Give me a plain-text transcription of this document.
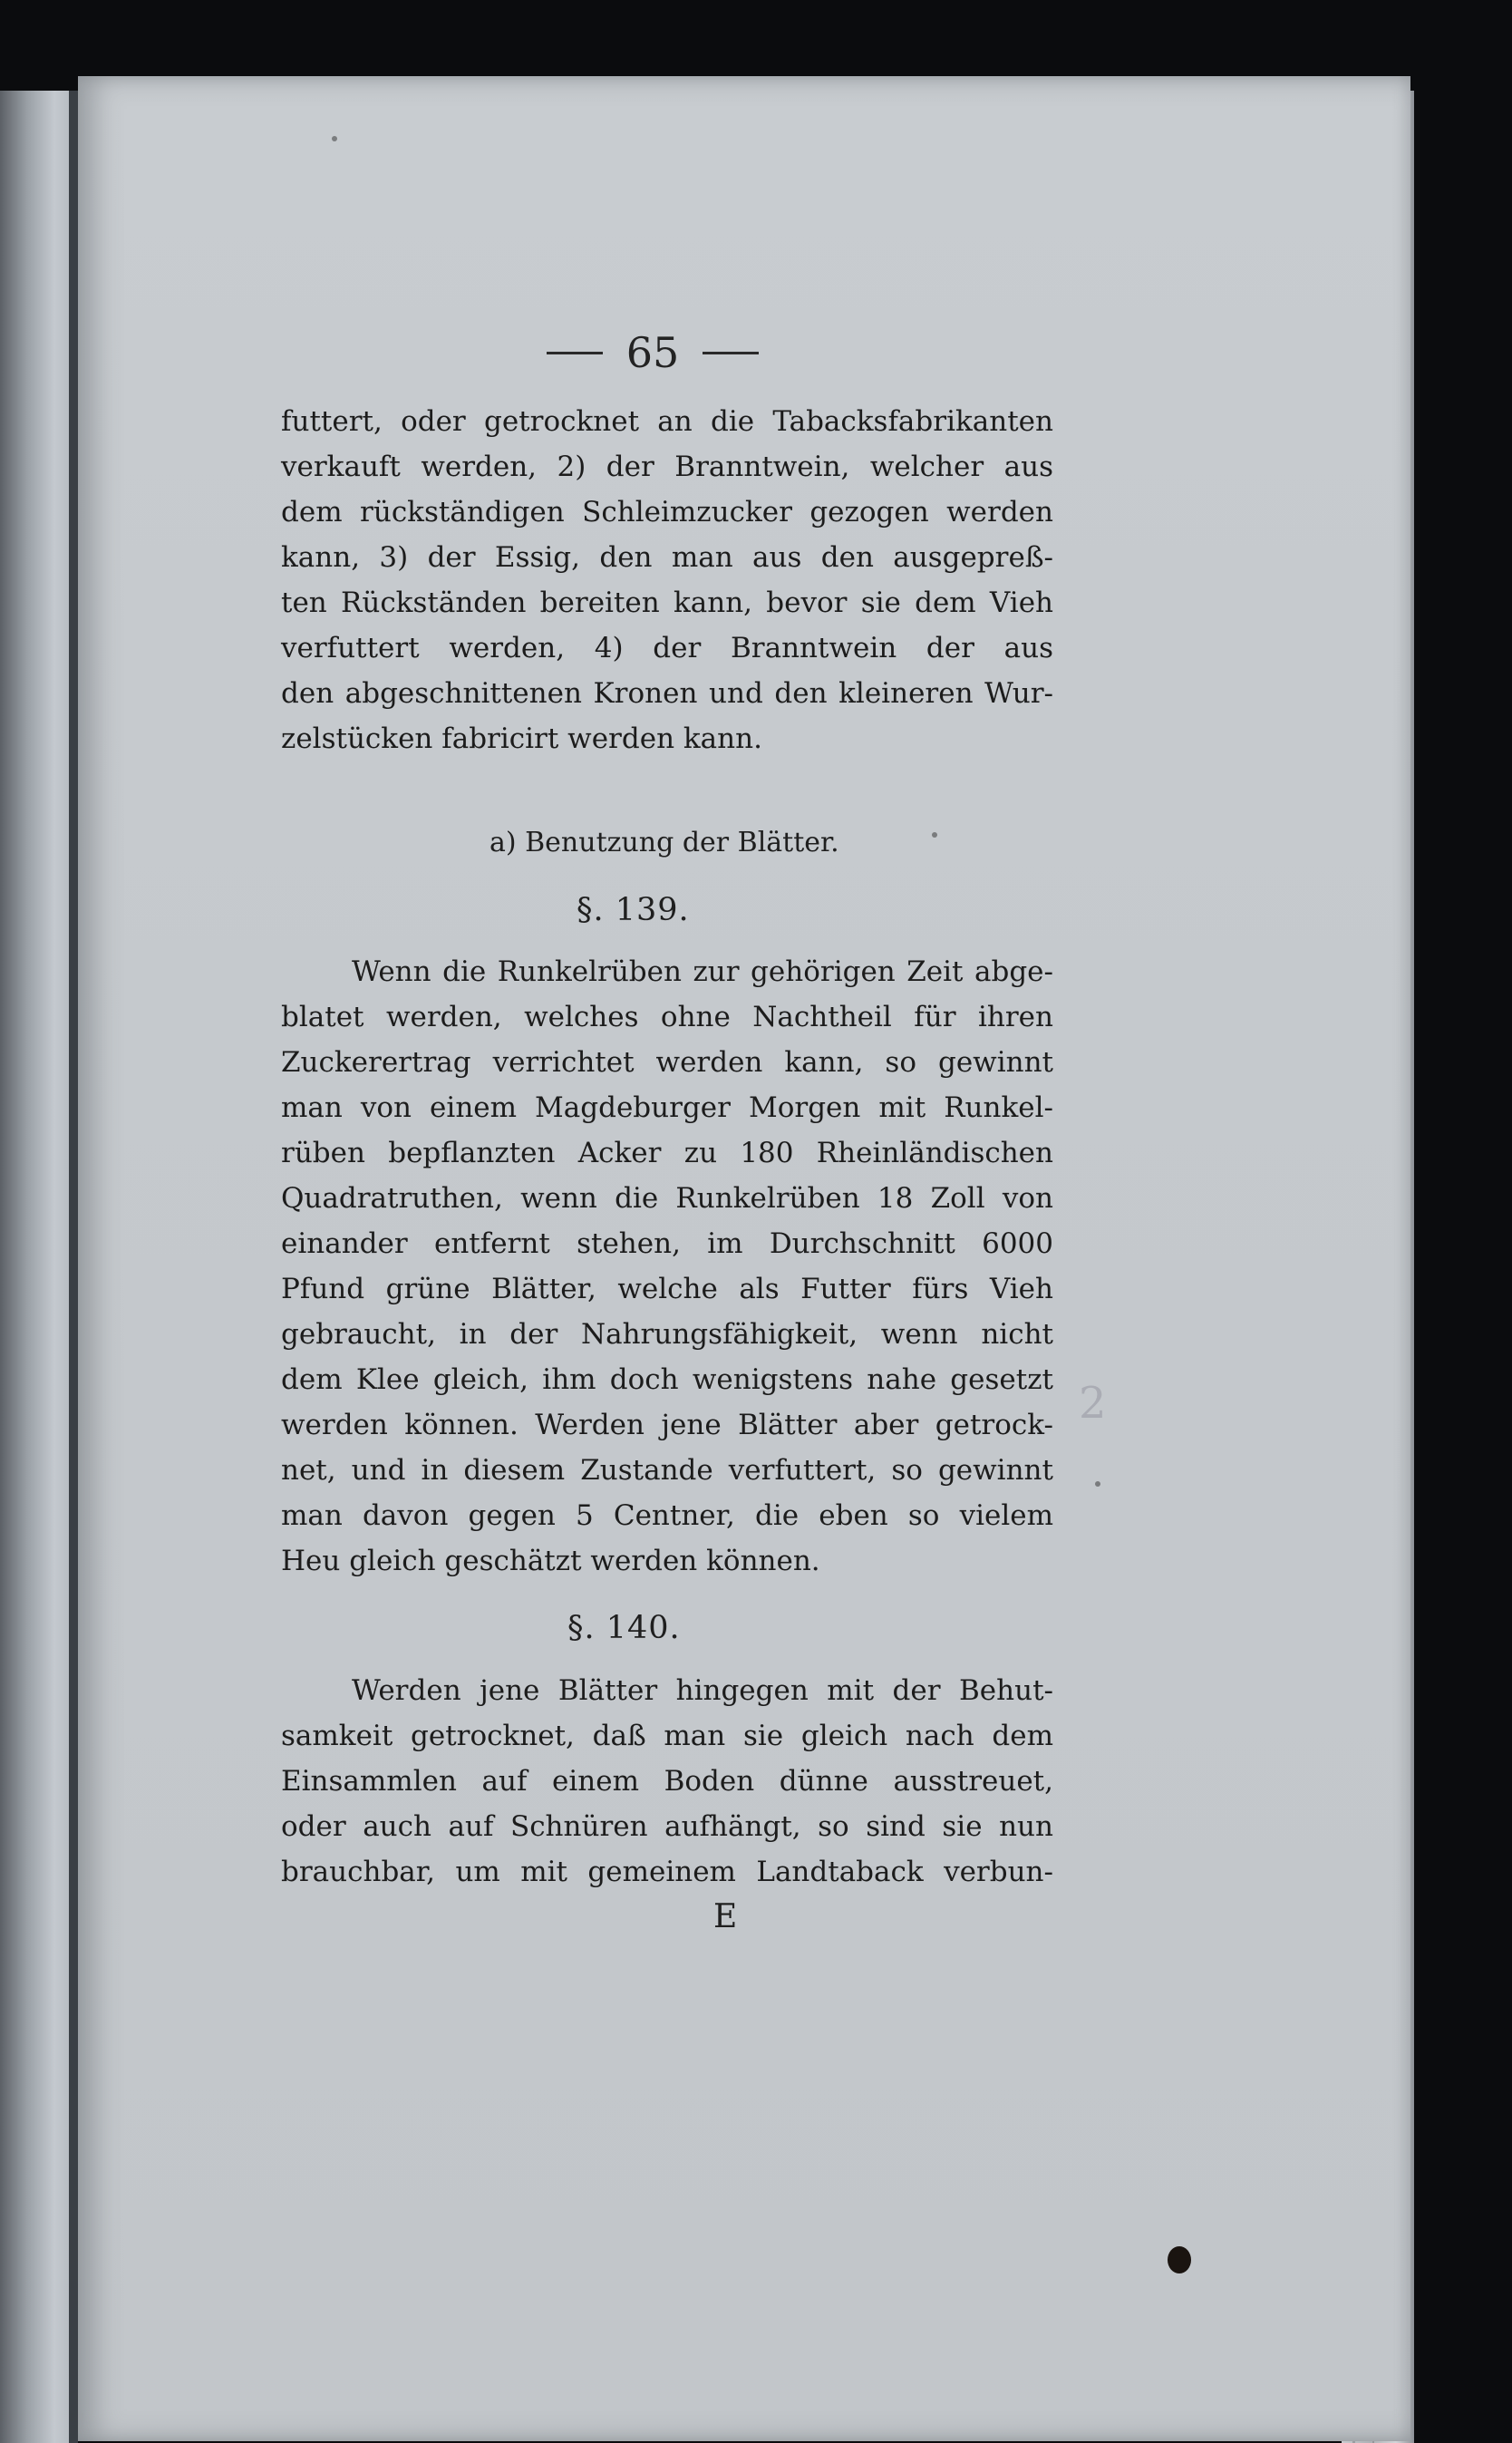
65
futtert, oder getrocknet an die Tabacksfabrikanten
verkauft werden, 2) der Branntwein, welcher aus
dem rückständigen Schleimzucker gezogen werden
kann, 3) der Essig, den man aus den ausgepreß-
ten Rückständen bereiten kann, bevor sie dem Vieh
verfuttert werden, 4) der Branntwein der aus
den abgeschnittenen Kronen und den kleineren Wur-
zelstücken fabricirt werden kann.
a) Benutzung der Blätter.
§. 139.
Wenn die Runkelrüben zur gehörigen Zeit abge-
blatet werden, welches ohne Nachtheil für ihren
Zuckerertrag verrichtet werden kann, so gewinnt
man von einem Magdeburger Morgen mit Runkel-
rüben bepflanzten Acker zu 180 Rheinländischen
Quadratruthen, wenn die Runkelrüben 18 Zoll von
einander entfernt stehen, im Durchschnitt 6000
Pfund grüne Blätter, welche als Futter fürs Vieh
gebraucht, in der Nahrungsfähigkeit, wenn nicht
dem Klee gleich, ihm doch wenigstens nahe gesetzt
werden können. Werden jene Blätter aber getrock-
net, und in diesem Zustande verfuttert, so gewinnt
man davon gegen 5 Centner, die eben so vielem
Heu gleich geschätzt werden können.
§. 140.
Werden jene Blätter hingegen mit der Behut-
samkeit getrocknet, daß man sie gleich nach dem
Einsammlen auf einem Boden dünne ausstreuet,
oder auch auf Schnüren aufhängt, so sind sie nun
brauchbar, um mit gemeinem Landtaback verbun-
E
2
